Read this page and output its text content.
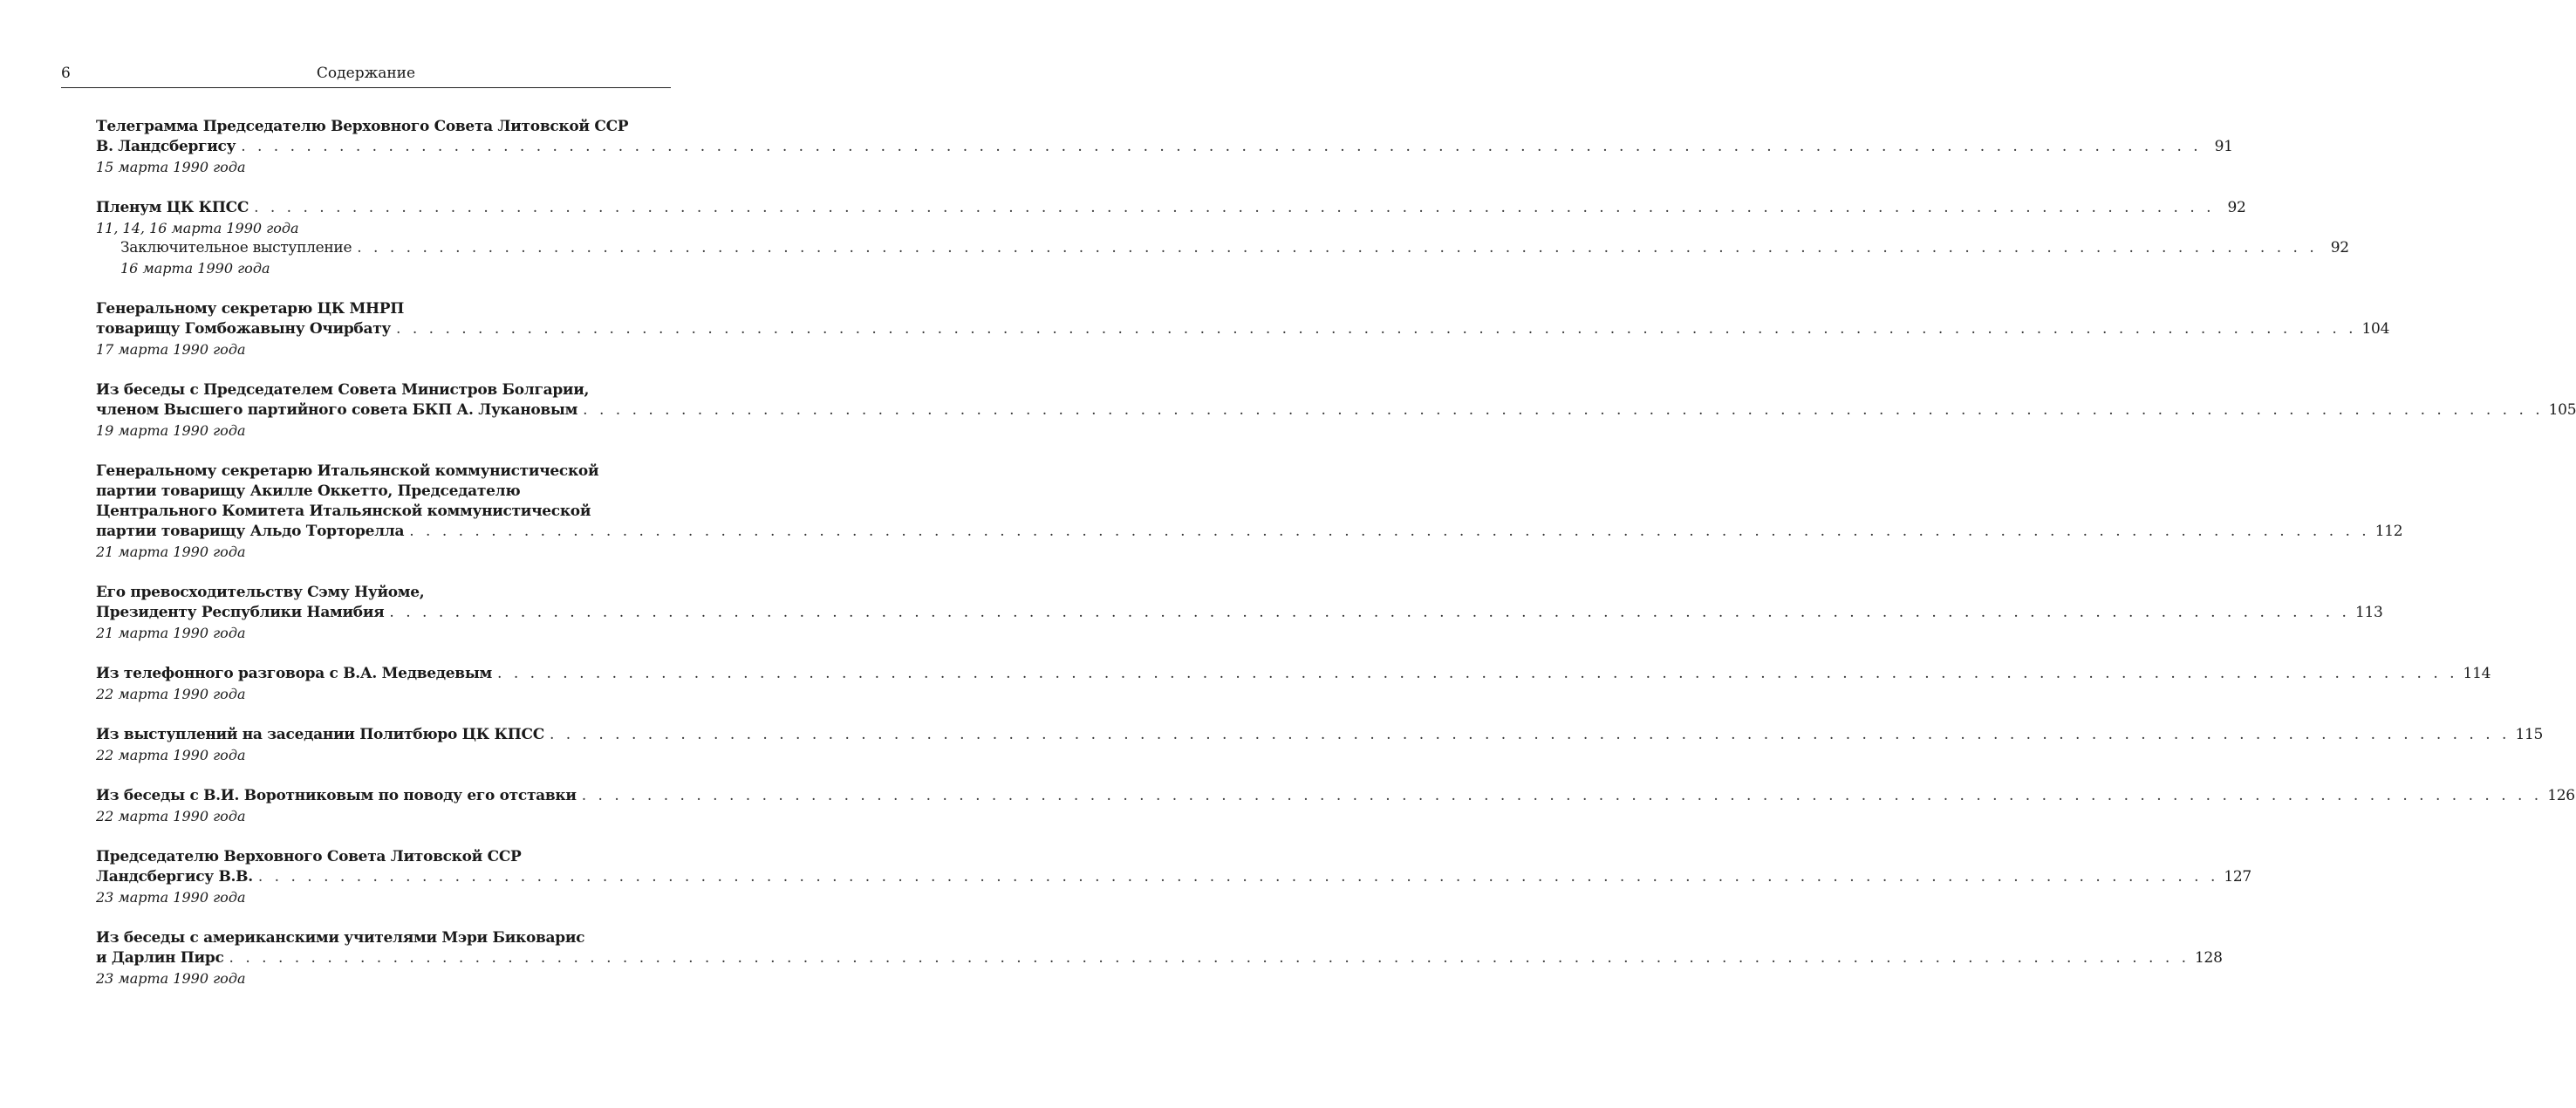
6	Содержание
Телеграмма Председателю Верховного Совета Литовской ССР
В. Ландсбергису . . . . . . . . . . . . . . . . . . . . . . . . . . . . . . . . . . . . . . . . . . . . . . . . . . . . . . . . . . . . . . . . . . . . . . . . . . . . . . . . . . . . . . . . . . . . . . . . . . . . . . . . . . . . . . . . . . . . . . . . 91
15 марта 1990 года
Пленум ЦК КПСС . . . . . . . . . . . . . . . . . . . . . . . . . . . . . . . . . . . . . . . . . . . . . . . . . . . . . . . . . . . . . . . . . . . . . . . . . . . . . . . . . . . . . . . . . . . . . . . . . . . . . . . . . . . . . . . . . . . . . . . . 92
11, 14, 16 марта 1990 года
Заключительное выступление . . . . . . . . . . . . . . . . . . . . . . . . . . . . . . . . . . . . . . . . . . . . . . . . . . . . . . . . . . . . . . . . . . . . . . . . . . . . . . . . . . . . . . . . . . . . . . . . . . . . . . . . . . . . . . . . . . . . . . . . 92
16 марта 1990 года
Генеральному секретарю ЦК МНРП
товарищу Гомбожавыну Очирбату . . . . . . . . . . . . . . . . . . . . . . . . . . . . . . . . . . . . . . . . . . . . . . . . . . . . . . . . . . . . . . . . . . . . . . . . . . . . . . . . . . . . . . . . . . . . . . . . . . . . . . . . . . . . . . . . . . . . . . . . 104
17 марта 1990 года
Из беседы с Председателем Совета Министров Болгарии,
членом Высшего партийного совета БКП А. Лукановым . . . . . . . . . . . . . . . . . . . . . . . . . . . . . . . . . . . . . . . . . . . . . . . . . . . . . . . . . . . . . . . . . . . . . . . . . . . . . . . . . . . . . . . . . . . . . . . . . . . . . . . . . . . . . . . . . . . . . . . . 105
19 марта 1990 года
Генеральному секретарю Итальянской коммунистической
партии товарищу Акилле Оккетто, Председателю
Центрального Комитета Итальянской коммунистической
партии товарищу Альдо Торторелла . . . . . . . . . . . . . . . . . . . . . . . . . . . . . . . . . . . . . . . . . . . . . . . . . . . . . . . . . . . . . . . . . . . . . . . . . . . . . . . . . . . . . . . . . . . . . . . . . . . . . . . . . . . . . . . . . . . . . . . . 112
21 марта 1990 года
Его превосходительству Сэму Нуйоме,
Президенту Республики Намибия . . . . . . . . . . . . . . . . . . . . . . . . . . . . . . . . . . . . . . . . . . . . . . . . . . . . . . . . . . . . . . . . . . . . . . . . . . . . . . . . . . . . . . . . . . . . . . . . . . . . . . . . . . . . . . . . . . . . . . . . 113
21 марта 1990 года
Из телефонного разговора с В.А. Медведевым . . . . . . . . . . . . . . . . . . . . . . . . . . . . . . . . . . . . . . . . . . . . . . . . . . . . . . . . . . . . . . . . . . . . . . . . . . . . . . . . . . . . . . . . . . . . . . . . . . . . . . . . . . . . . . . . . . . . . . . . 114
22 марта 1990 года
Из выступлений на заседании Политбюро ЦК КПСС . . . . . . . . . . . . . . . . . . . . . . . . . . . . . . . . . . . . . . . . . . . . . . . . . . . . . . . . . . . . . . . . . . . . . . . . . . . . . . . . . . . . . . . . . . . . . . . . . . . . . . . . . . . . . . . . . . . . . . . . 115
22 марта 1990 года
Из беседы с В.И. Воротниковым по поводу его отставки . . . . . . . . . . . . . . . . . . . . . . . . . . . . . . . . . . . . . . . . . . . . . . . . . . . . . . . . . . . . . . . . . . . . . . . . . . . . . . . . . . . . . . . . . . . . . . . . . . . . . . . . . . . . . . . . . . . . . . . . 126
22 марта 1990 года
Председателю Верховного Совета Литовской ССР
Ландсбергису В.В. . . . . . . . . . . . . . . . . . . . . . . . . . . . . . . . . . . . . . . . . . . . . . . . . . . . . . . . . . . . . . . . . . . . . . . . . . . . . . . . . . . . . . . . . . . . . . . . . . . . . . . . . . . . . . . . . . . . . . . . . 127
23 марта 1990 года
Из беседы с американскими учителями Мэри Биковарис
и Дарлин Пирс . . . . . . . . . . . . . . . . . . . . . . . . . . . . . . . . . . . . . . . . . . . . . . . . . . . . . . . . . . . . . . . . . . . . . . . . . . . . . . . . . . . . . . . . . . . . . . . . . . . . . . . . . . . . . . . . . . . . . . . . 128
23 марта 1990 года
